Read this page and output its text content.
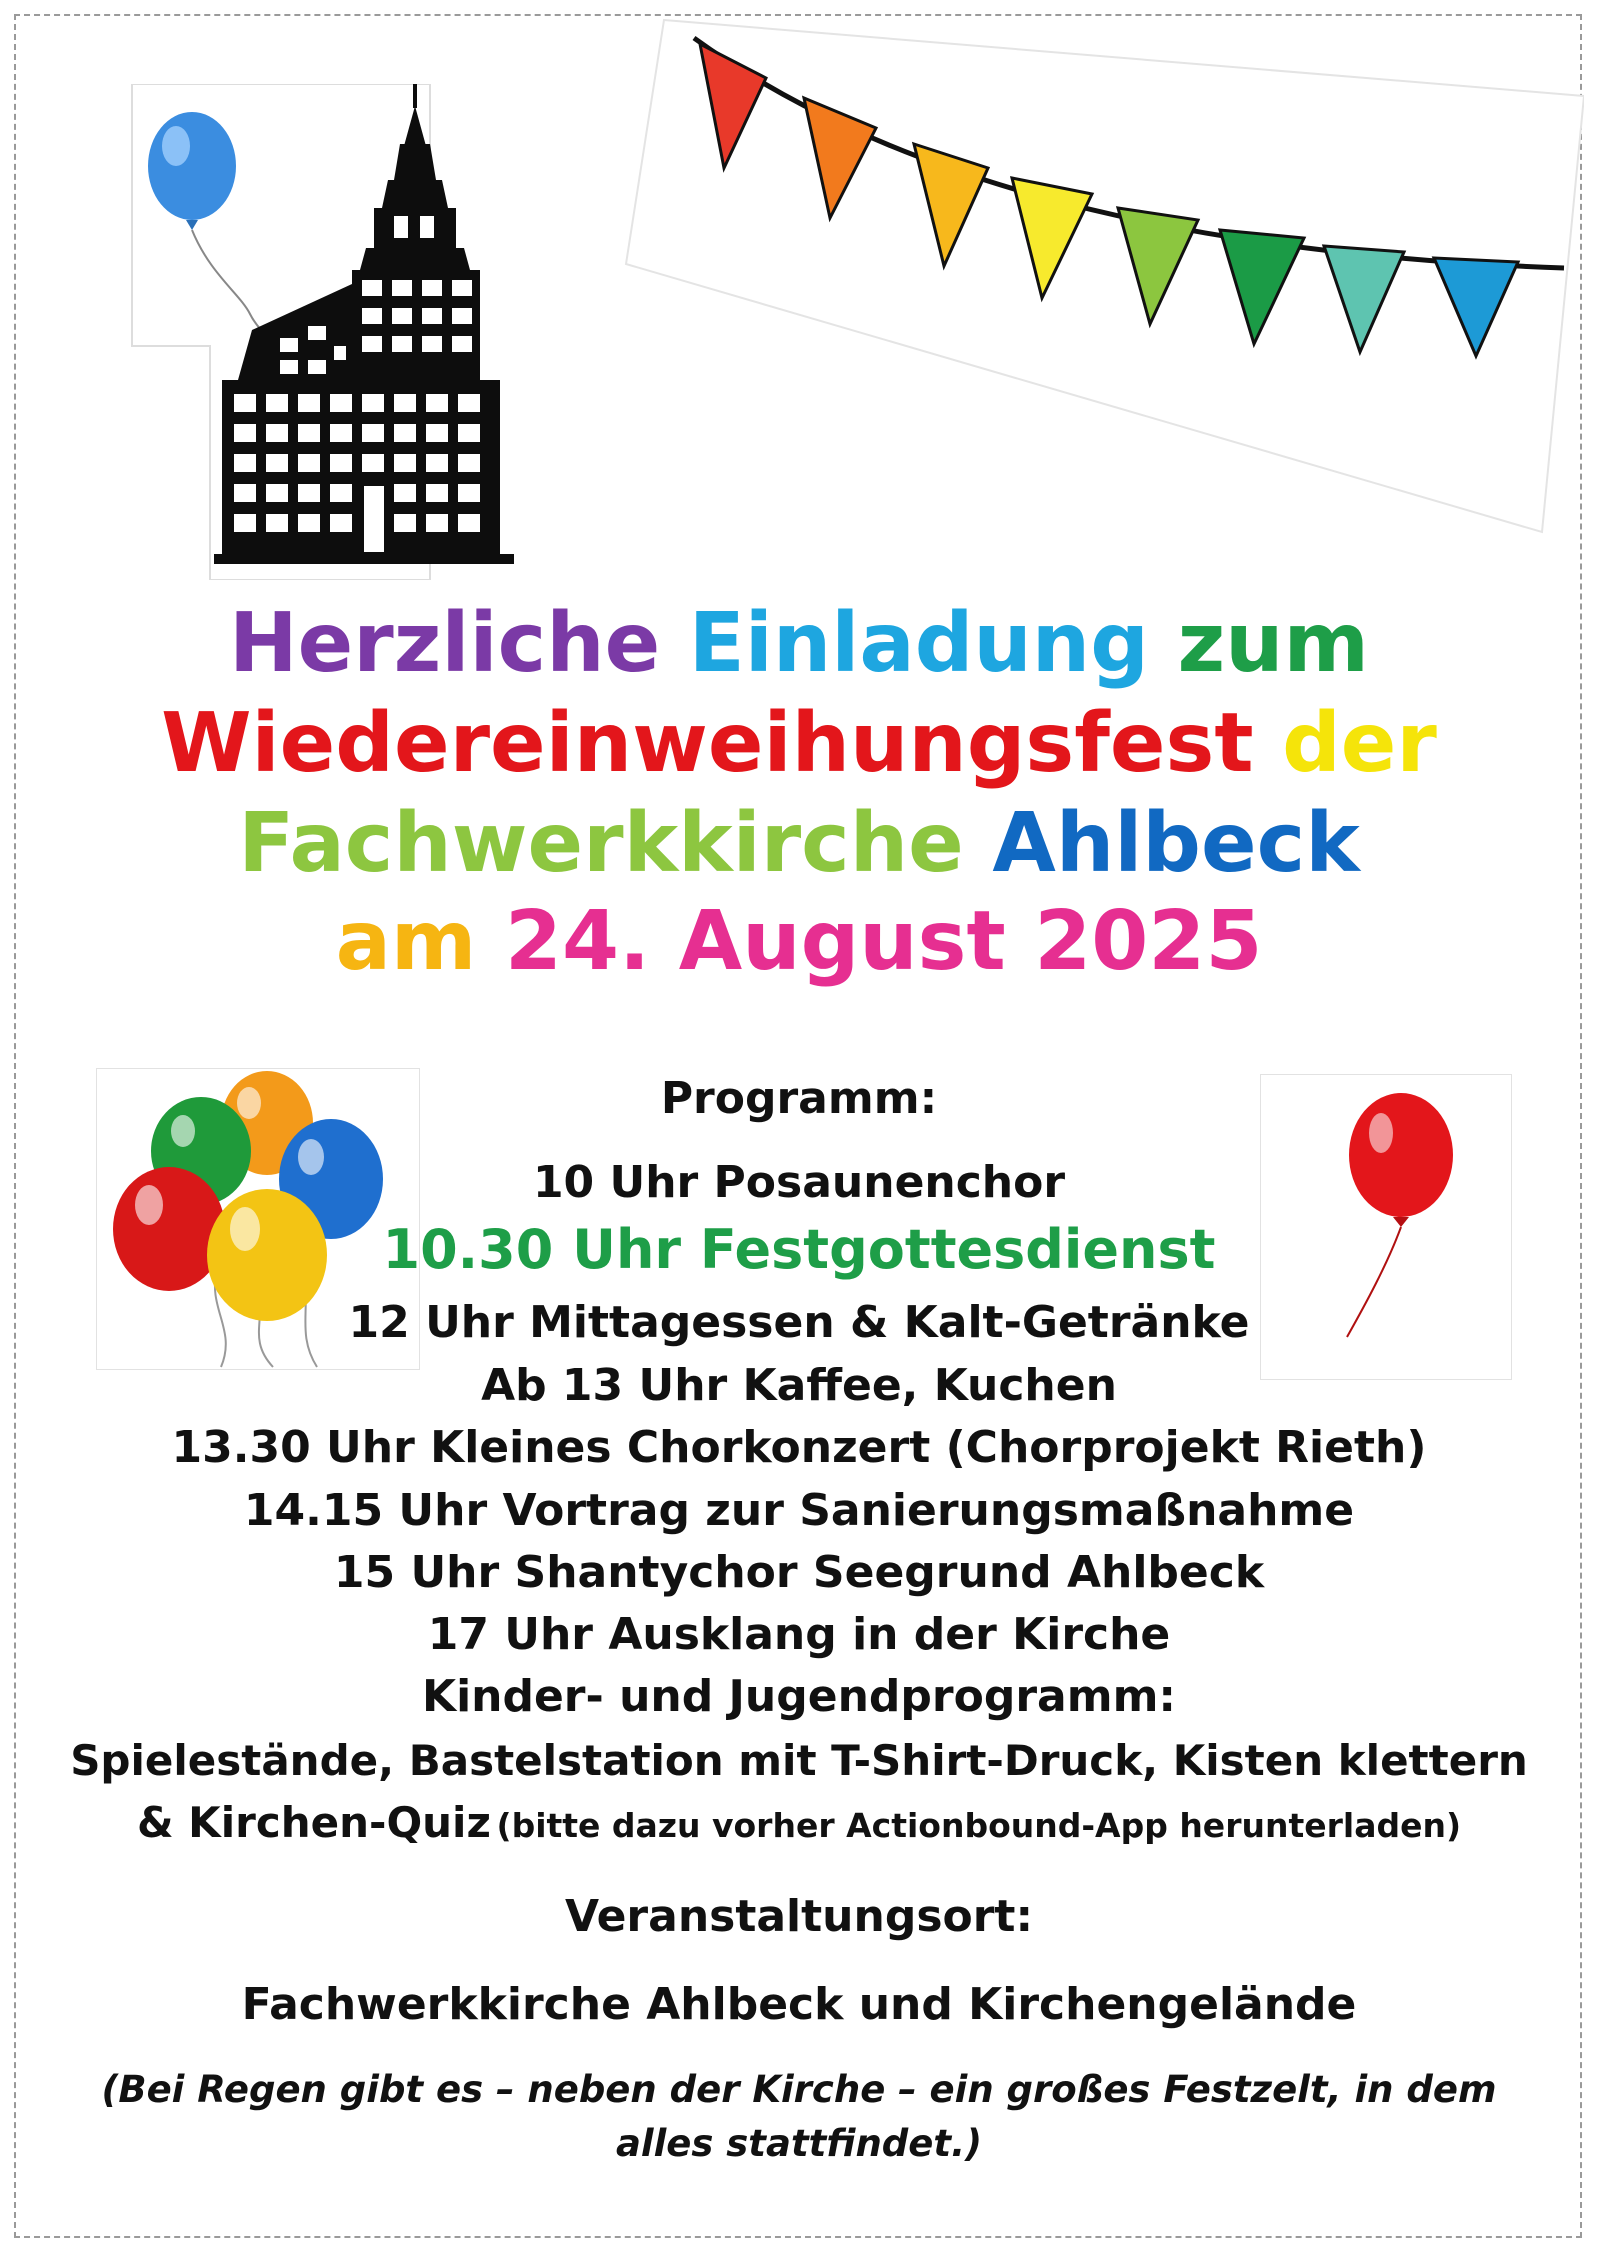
Herzliche Einladung zum
Wiedereinweihungsfest der
Fachwerkkirche Ahlbeck
am 24. August 2025
Programm:
10 Uhr Posaunenchor
10.30 Uhr Festgottesdienst
12 Uhr Mittagessen & Kalt-Getränke
Ab 13 Uhr Kaffee, Kuchen
13.30 Uhr Kleines Chorkonzert (Chorprojekt Rieth)
14.15 Uhr Vortrag zur Sanierungsmaßnahme
15 Uhr Shantychor Seegrund Ahlbeck
17 Uhr Ausklang in der Kirche
Kinder- und Jugendprogramm:
Spielestände, Bastelstation mit T-Shirt-Druck, Kisten klettern
& Kirchen-Quiz (bitte dazu vorher Actionbound-App herunterladen)
Veranstaltungsort:
Fachwerkkirche Ahlbeck und Kirchengelände
(Bei Regen gibt es – neben der Kirche – ein großes Festzelt, in dem
alles stattfindet.)
